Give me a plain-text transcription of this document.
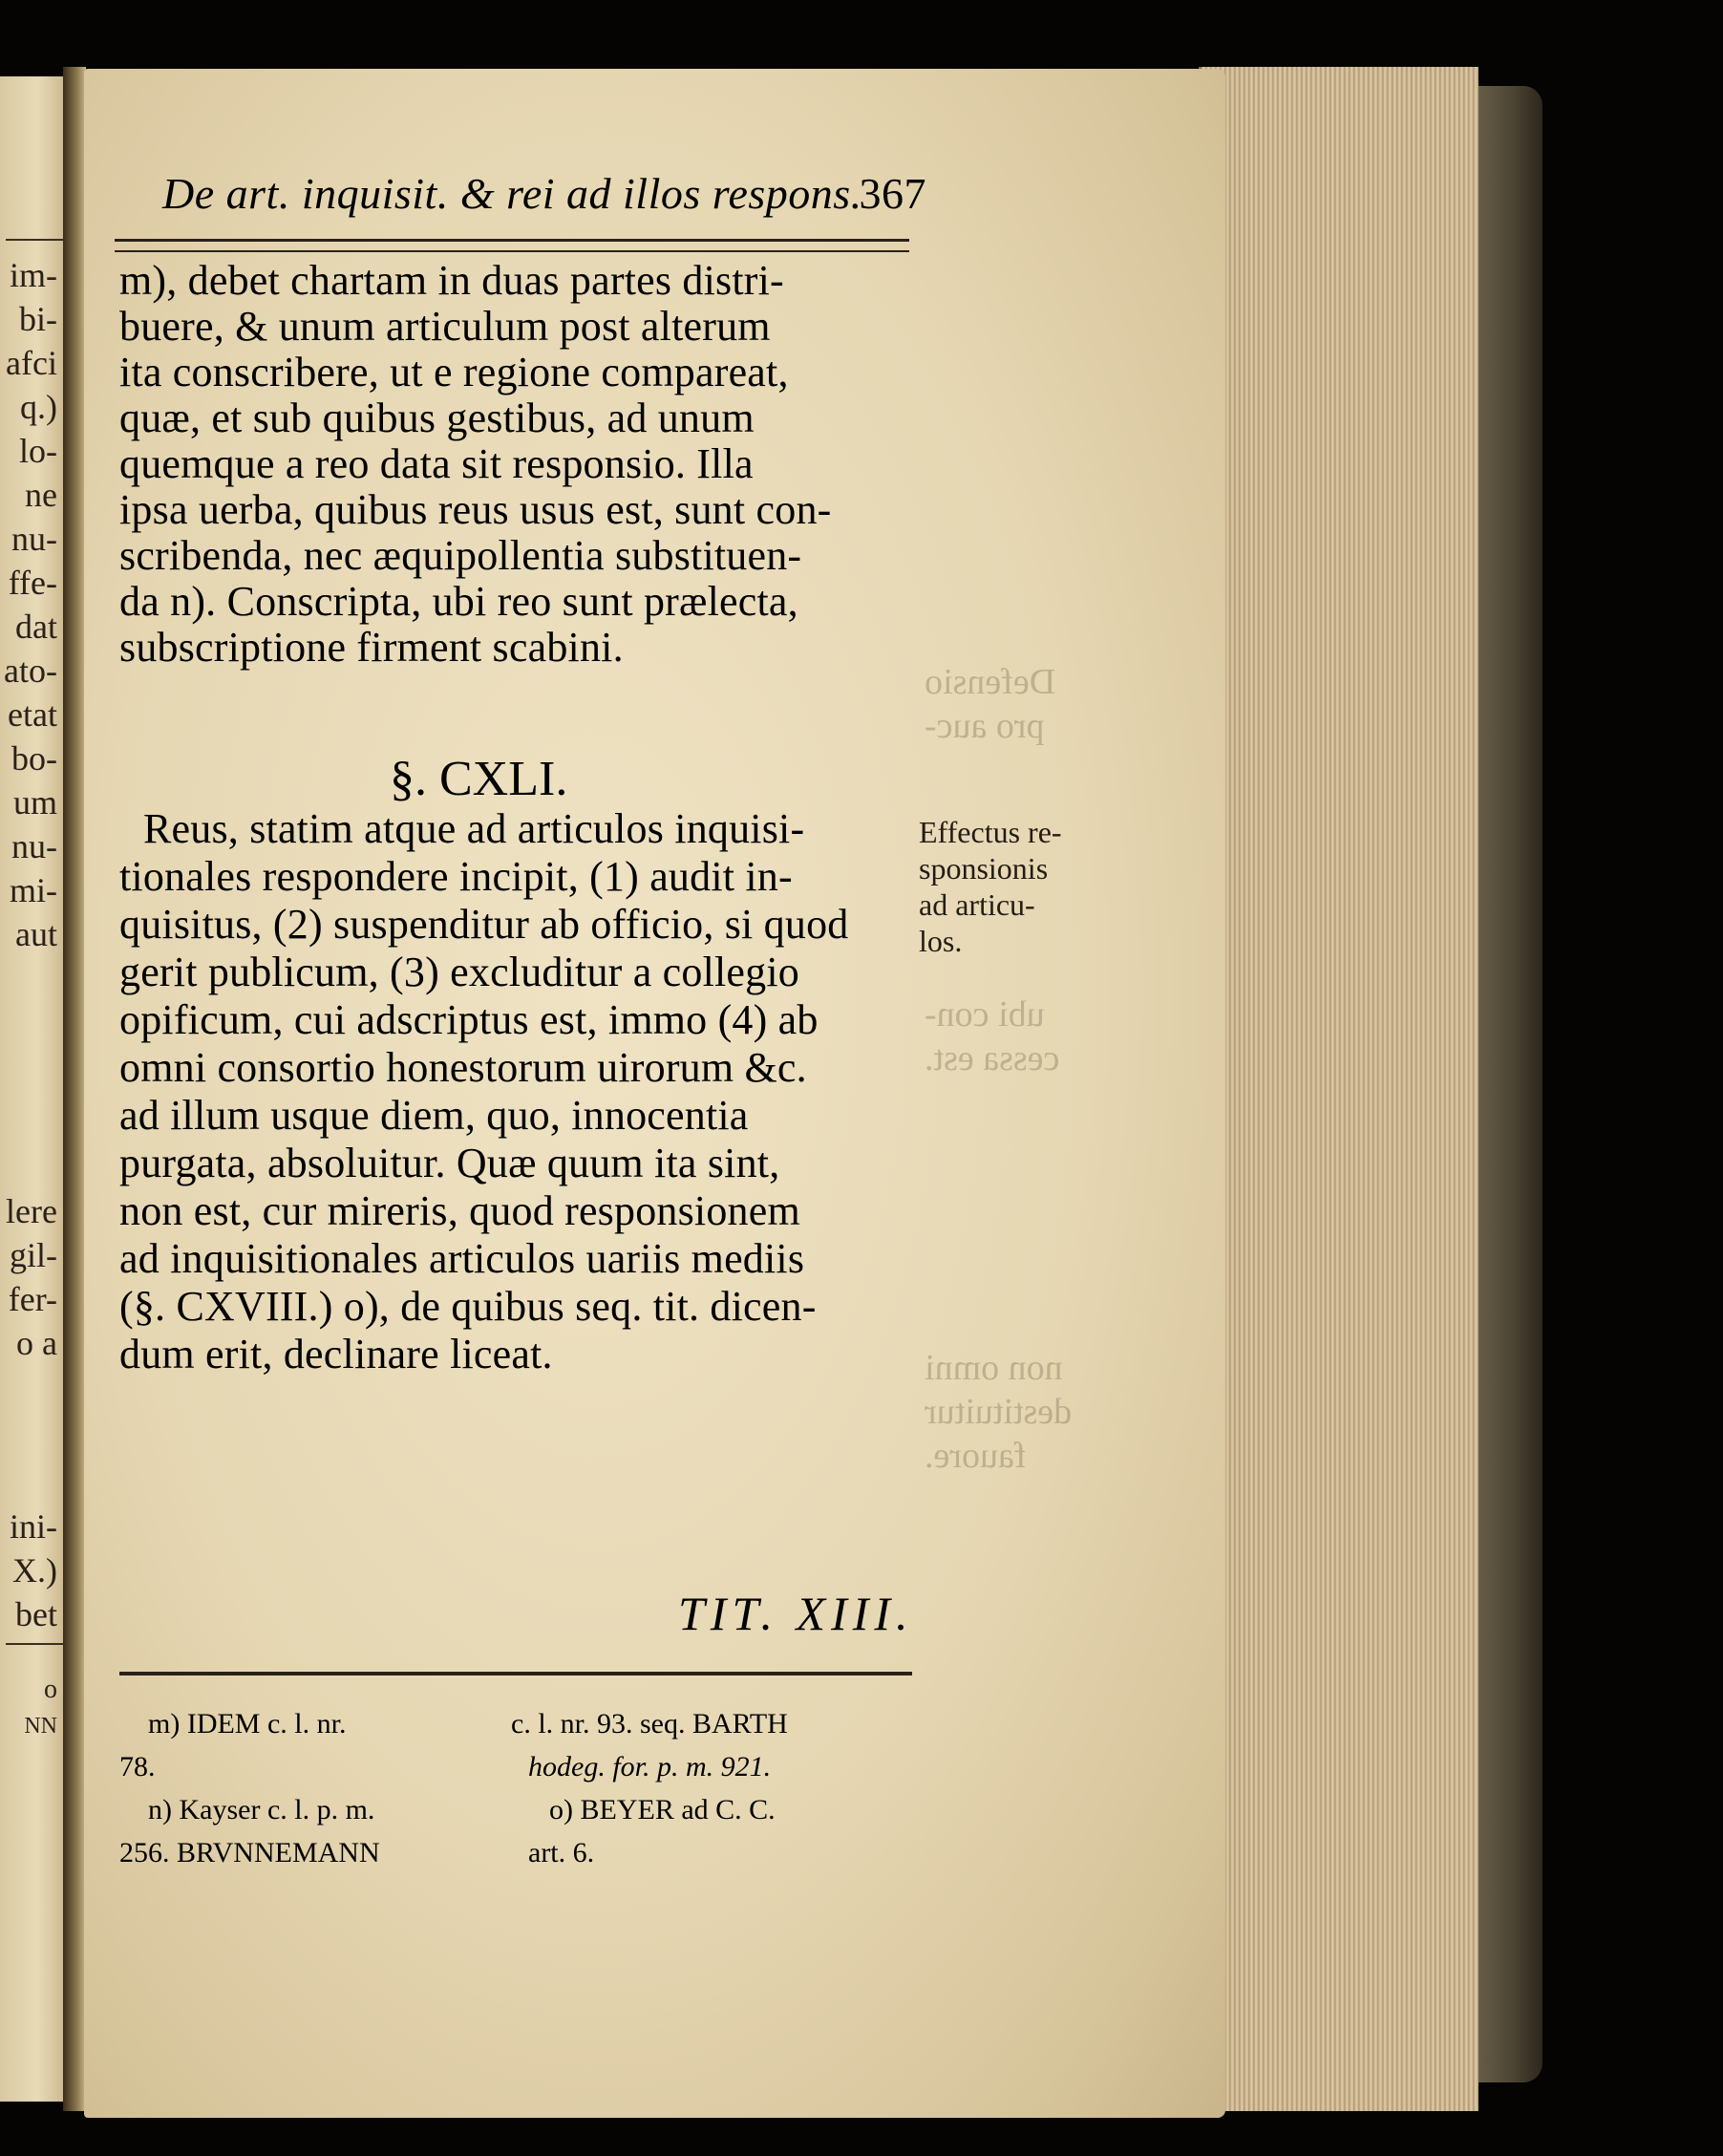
im-
bi-
afci
q.)
lo-
ne
nu-
ffe-
dat
ato-
etat
bo-
um
nu-
mi-
aut
lere
gil-
fer-
o a
ini-
X.)
bet
o
NN
Defensio
pro auc-
ubi con-
cessa est.
non omni
destituitur
fauore.
De art. inquisit. & rei ad illos respons.
367
m), debet chartam in duas partes distri-
buere, & unum articulum post alterum
ita conscribere, ut e regione compareat,
quæ, et sub quibus gestibus, ad unum
quemque a reo data sit responsio. Illa
ipsa uerba, quibus reus usus est, sunt con-
scribenda, nec æquipollentia substituen-
da n). Conscripta, ubi reo sunt prælecta,
subscriptione firment scabini.
§. CXLI.
Reus, statim atque ad articulos inquisi-
tionales respondere incipit, (1) audit in-
quisitus, (2) suspenditur ab officio, si quod
gerit publicum, (3) excluditur a collegio
opificum, cui adscriptus est, immo (4) ab
omni consortio honestorum uirorum &c.
ad illum usque diem, quo, innocentia
purgata, absoluitur. Quæ quum ita sint,
non est, cur mireris, quod responsionem
ad inquisitionales articulos uariis mediis
(§. CXVIII.) o), de quibus seq. tit. dicen-
dum erit, declinare liceat.
Effectus re-
sponsionis
ad articu-
los.
TIT. XIII.
m) IDEM c. l. nr.	c. l. nr. 93. seq. BARTH
78.	hodeg. for. p. m. 921.
n) Kayser c. l. p. m.	o) BEYER ad C. C.
256. BRVNNEMANN	art. 6.
